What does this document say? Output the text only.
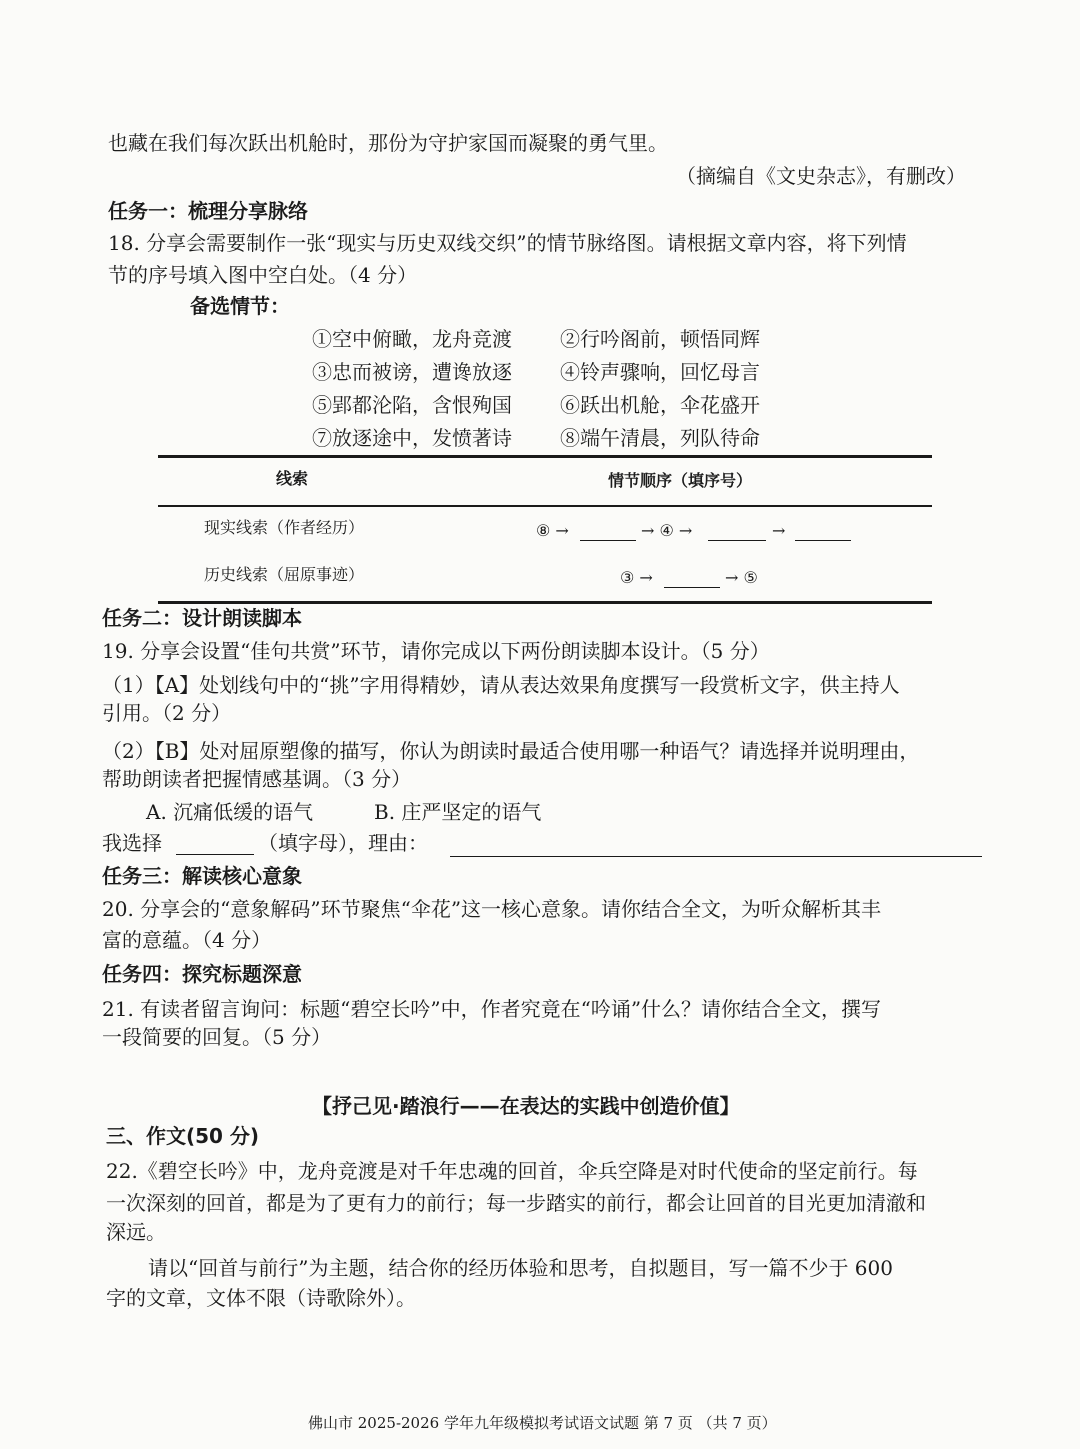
也藏在我们每次跃出机舱时，那份为守护家国而凝聚的勇气里。
（摘编自《文史杂志》，有删改）
任务一：梳理分享脉络
18. 分享会需要制作一张“现实与历史双线交织”的情节脉络图。请根据文章内容，将下列情
节的序号填入图中空白处。（4 分）
备选情节：
①空中俯瞰，龙舟竞渡 ②行吟阁前，顿悟同辉
③忠而被谤，遭谗放逐 ④铃声骤响，回忆母言
⑤郢都沦陷，含恨殉国 ⑥跃出机舱，伞花盛开
⑦放逐途中，发愤著诗 ⑧端午清晨，列队待命
线索	情节顺序（填序号）
现实线索（作者经历）	⑧ →	→ ④ →	→
历史线索（屈原事迹）	③ →	→ ⑤
任务二：设计朗读脚本
19. 分享会设置“佳句共赏”环节，请你完成以下两份朗读脚本设计。（5 分）
（1）【A】处划线句中的“挑”字用得精妙，请从表达效果角度撰写一段赏析文字，供主持人
引用。（2 分）
（2）【B】处对屈原塑像的描写，你认为朗读时最适合使用哪一种语气？请选择并说明理由，
帮助朗读者把握情感基调。（3 分）
A. 沉痛低缓的语气	B. 庄严坚定的语气
我选择	（填字母），理由：
任务三：解读核心意象
20. 分享会的“意象解码”环节聚焦“伞花”这一核心意象。请你结合全文，为听众解析其丰
富的意蕴。（4 分）
任务四：探究标题深意
21. 有读者留言询问：标题“碧空长吟”中，作者究竟在“吟诵”什么？请你结合全文，撰写
一段简要的回复。（5 分）
【抒己见·踏浪行——在表达的实践中创造价值】
三、作文(50 分)
22.《碧空长吟》中，龙舟竞渡是对千年忠魂的回首，伞兵空降是对时代使命的坚定前行。每
一次深刻的回首，都是为了更有力的前行；每一步踏实的前行，都会让回首的目光更加清澈和
深远。
请以“回首与前行”为主题，结合你的经历体验和思考，自拟题目，写一篇不少于 600
字的文章，文体不限（诗歌除外）。
佛山市 2025-2026 学年九年级模拟考试语文试题 第 7 页 （共 7 页）
